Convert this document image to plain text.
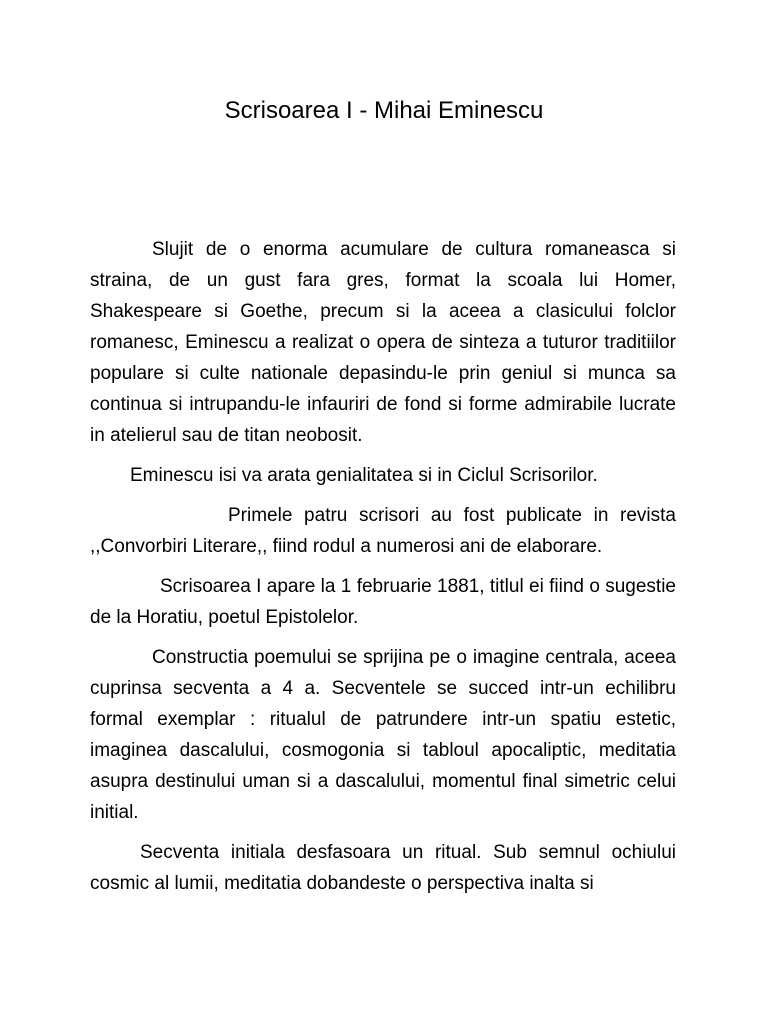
Scrisoarea I - Mihai Eminescu

Slujit de o enorma acumulare de cultura romaneasca si straina, de un gust fara gres, format la scoala lui Homer, Shakespeare si Goethe, precum si la aceea a clasicului folclor romanesc, Eminescu a realizat o opera de sinteza a tuturor traditiilor populare si culte nationale depasindu-le prin geniul si munca sa continua si intrupandu-le infauriri de fond si forme admirabile lucrate in atelierul sau de titan neobosit.

Eminescu isi va arata genialitatea si in Ciclul Scrisorilor.

Primele patru scrisori au fost publicate in revista ,,Convorbiri Literare,, fiind rodul a numerosi ani de elaborare.

Scrisoarea I apare la 1 februarie 1881, titlul ei fiind o sugestie de la Horatiu, poetul Epistolelor.

Constructia poemului se sprijina pe o imagine centrala, aceea cuprinsa secventa a 4 a. Secventele se succed intr-un echilibru formal exemplar : ritualul de patrundere intr-un spatiu estetic, imaginea dascalului, cosmogonia si tabloul apocaliptic, meditatia asupra destinului uman si a dascalului, momentul final simetric celui initial.

Secventa initiala desfasoara un ritual. Sub semnul ochiului cosmic al lumii, meditatia dobandeste o perspectiva inalta si
